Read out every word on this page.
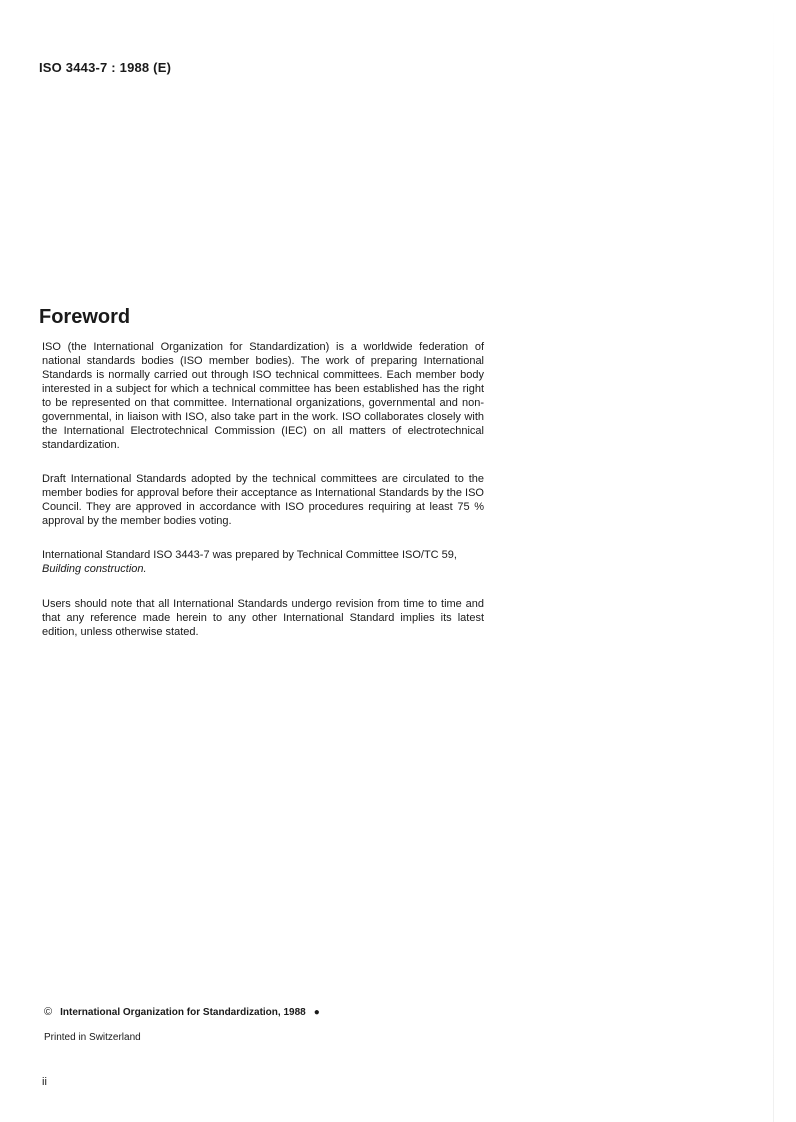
ISO 3443-7 : 1988 (E)
Foreword

ISO (the International Organization for Standardization) is a worldwide federation of national standards bodies (ISO member bodies). The work of preparing International Standards is normally carried out through ISO technical committees. Each member body interested in a subject for which a technical committee has been established has the right to be represented on that committee. International organizations, governmental and non-governmental, in liaison with ISO, also take part in the work. ISO collaborates closely with the International Electrotechnical Commission (IEC) on all matters of electrotechnical standardization.

Draft International Standards adopted by the technical committees are circulated to the member bodies for approval before their acceptance as International Standards by the ISO Council. They are approved in accordance with ISO procedures requiring at least 75 % approval by the member bodies voting.

International Standard ISO 3443-7 was prepared by Technical Committee ISO/TC 59,
Building construction.

Users should note that all International Standards undergo revision from time to time and that any reference made herein to any other International Standard implies its latest edition, unless otherwise stated.

© International Organization for Standardization, 1988 ●
Printed in Switzerland
ii
